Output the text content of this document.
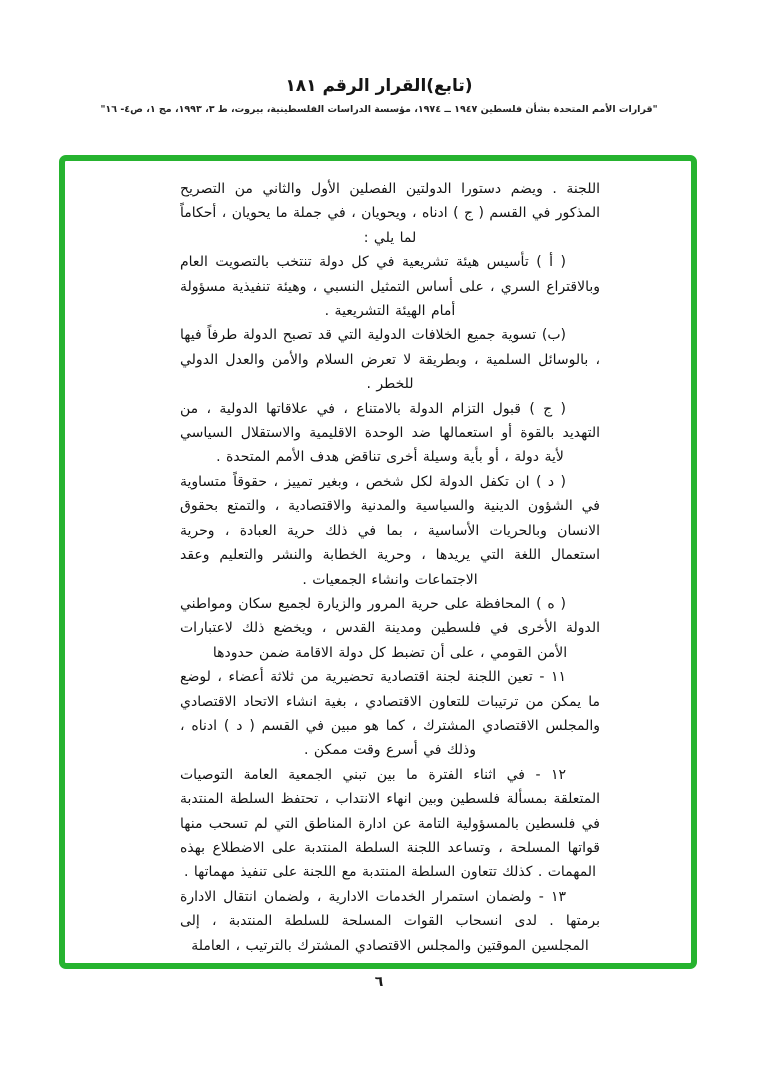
(تابع)القرار الرقم ١٨١
"قرارات الأمم المتحدة بشأن فلسطين ١٩٤٧ ــ ١٩٧٤، مؤسسة الدراسات الفلسطينية، بيروت، ط ٣، ١٩٩٣، مج ١، ص٤- ١٦"

اللجنة . ويضم دستورا الدولتين الفصلين الأول والثاني من التصريح المذكور في القسم ( ج ) ادناه ، ويحويان ، في جملة ما يحويان ، أحكاماً لما يلي :

( أ ) تأسيس هيئة تشريعية في كل دولة تنتخب بالتصويت العام وبالاقتراع السري ، على أساس التمثيل النسبي ، وهيئة تنفيذية مسؤولة أمام الهيئة التشريعية .

(ب) تسوية جميع الخلافات الدولية التي قد تصبح الدولة طرفاً فيها ، بالوسائل السلمية ، وبطريقة لا تعرض السلام والأمن والعدل الدولي للخطر .

( ج ) قبول التزام الدولة بالامتناع ، في علاقاتها الدولية ، من التهديد بالقوة أو استعمالها ضد الوحدة الاقليمية والاستقلال السياسي لأية دولة ، أو بأية وسيلة أخرى تناقض هدف الأمم المتحدة .

( د ) ان تكفل الدولة لكل شخص ، وبغير تمييز ، حقوقاً متساوية في الشؤون الدينية والسياسية والمدنية والاقتصادية ، والتمتع بحقوق الانسان وبالحريات الأساسية ، بما في ذلك حرية العبادة ، وحرية استعمال اللغة التي يريدها ، وحرية الخطابة والنشر والتعليم وعقد الاجتماعات وانشاء الجمعيات .

( ه ) المحافظة على حرية المرور والزيارة لجميع سكان ومواطني الدولة الأخرى في فلسطين ومدينة القدس ، ويخضع ذلك لاعتبارات الأمن القومي ، على أن تضبط كل دولة الاقامة ضمن حدودها

١١ - تعين اللجنة لجنة اقتصادية تحضيرية من ثلاثة أعضاء ، لوضع ما يمكن من ترتيبات للتعاون الاقتصادي ، بغية انشاء الاتحاد الاقتصادي والمجلس الاقتصادي المشترك ، كما هو مبين في القسم ( د ) ادناه ، وذلك في أسرع وقت ممكن .

١٢ - في اثناء الفترة ما بين تبني الجمعية العامة التوصيات المتعلقة بمسألة فلسطين وبين انهاء الانتداب ، تحتفظ السلطة المنتدبة في فلسطين بالمسؤولية التامة عن ادارة المناطق التي لم تسحب منها قواتها المسلحة ، وتساعد اللجنة السلطة المنتدبة على الاضطلاع بهذه المهمات . كذلك تتعاون السلطة المنتدبة مع اللجنة على تنفيذ مهماتها .

١٣ - ولضمان استمرار الخدمات الادارية ، ولضمان انتقال الادارة برمتها . لدى انسحاب القوات المسلحة للسلطة المنتدبة ، إلى المجلسين الموقتين والمجلس الاقتصادي المشترك بالترتيب ، العاملة

٦
